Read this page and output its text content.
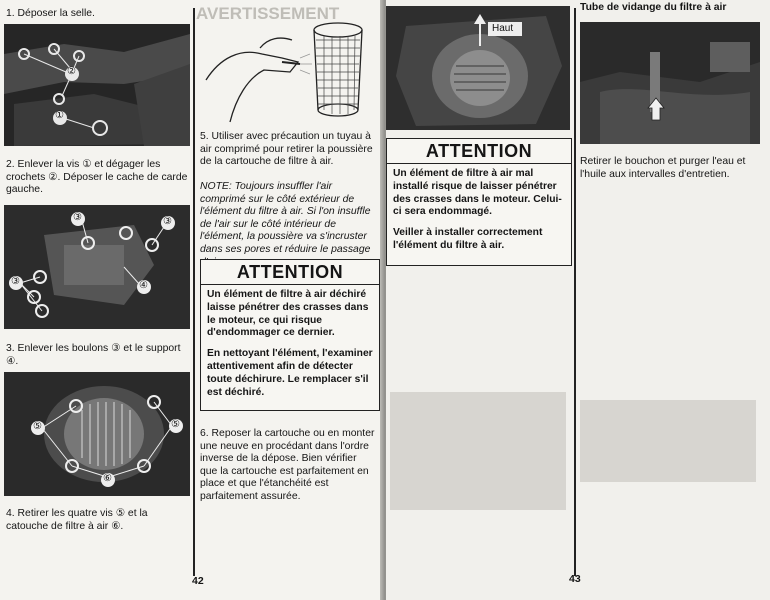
AVERTISSEMENT
1. Déposer la selle.
②
①
2. Enlever la vis ① et dégager les crochets ②. Déposer le cache de carde gauche.
③	③
③	④
3. Enlever les boulons ③ et le support ④.
⑤	⑤
⑥
4. Retirer les quatre vis ⑤ et la catouche de filtre à air ⑥.
5. Utiliser avec précaution un tuyau à air comprimé pour retirer la poussière de la cartouche de filtre à air.
NOTE: Toujours insuffler l'air comprimé sur le côté extérieur de l'élément du filtre à air. Si l'on insuffle de l'air sur le côté intérieur de l'élément, la poussière va s'incruster dans ses pores et réduire le passage
ATTENTION

Un élément de filtre à air déchiré laisse pénétrer des crasses dans le moteur, ce qui risque d'endommager ce dernier.

En nettoyant l'élément, l'examiner attentivement afin de détecter toute déchirure. Le remplacer s'il est déchiré.

6. Reposer la cartouche ou en monter une neuve en procédant dans l'ordre inverse de la dépose. Bien vérifier que la cartouche est parfaitement en place et que l'étanchéité est parfaitement assurée.
42
Haut
ATTENTION

Un élément de filtre à air mal installé risque de laisser pénétrer des crasses dans le moteur. Celui-ci sera endommagé.

Veiller à installer correctement l'élément du filtre à air.

Tube de vidange du filtre à air
Retirer le bouchon et purger l'eau et l'huile aux intervalles d'entretien.
43
